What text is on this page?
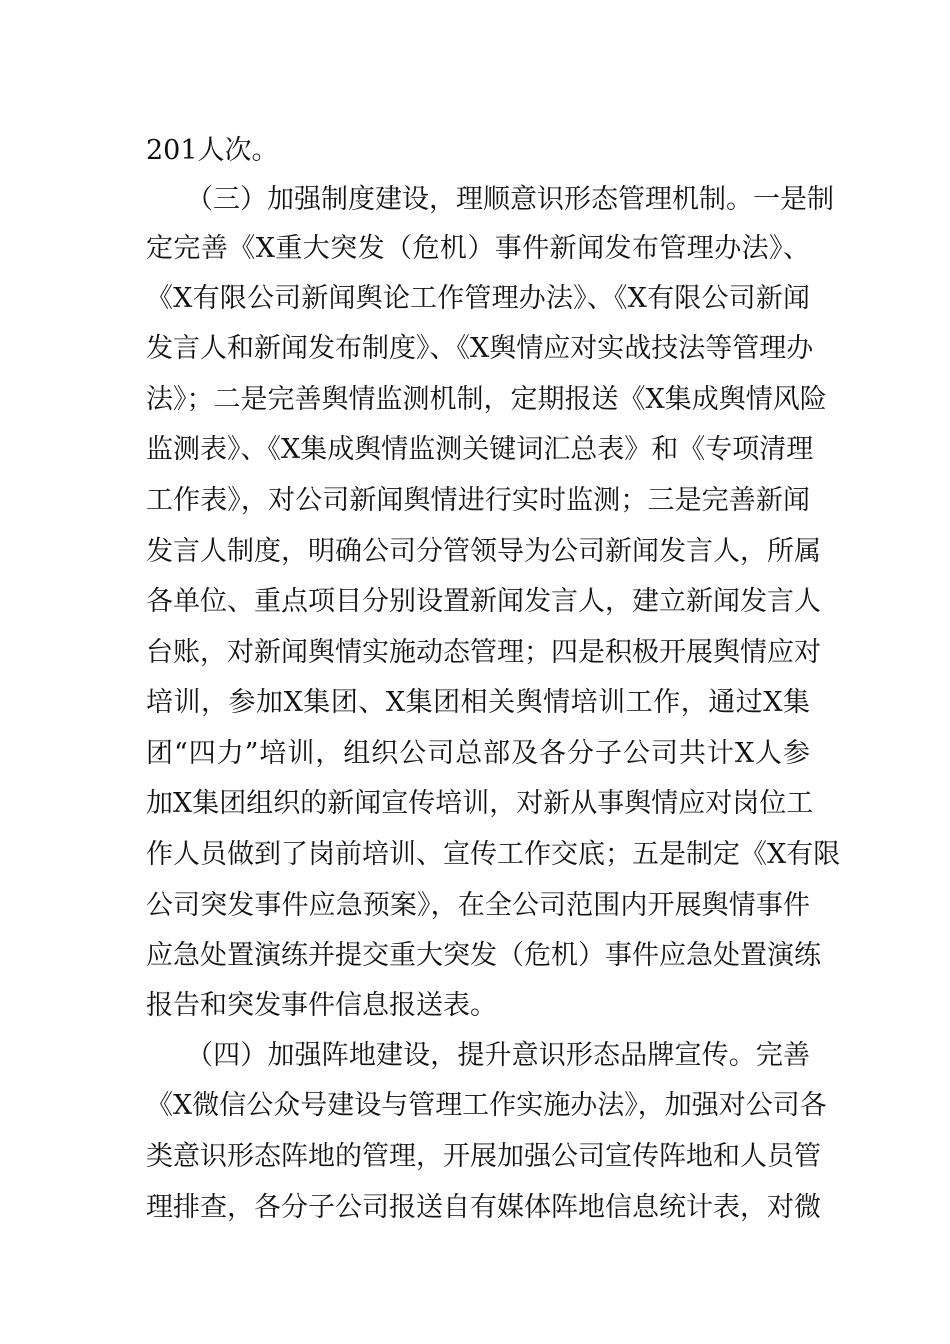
201人次。
（三）加强制度建设，理顺意识形态管理机制。一是制
定完善《X重大突发（危机）事件新闻发布管理办法》、
《X有限公司新闻舆论工作管理办法》、《X有限公司新闻
发言人和新闻发布制度》、《X舆情应对实战技法等管理办
法》；二是完善舆情监测机制，定期报送《X集成舆情风险
监测表》、《X集成舆情监测关键词汇总表》和《专项清理
工作表》，对公司新闻舆情进行实时监测；三是完善新闻
发言人制度，明确公司分管领导为公司新闻发言人，所属
各单位、重点项目分别设置新闻发言人，建立新闻发言人
台账，对新闻舆情实施动态管理；四是积极开展舆情应对
培训，参加X集团、X集团相关舆情培训工作，通过X集
团“四力”培训，组织公司总部及各分子公司共计X人参
加X集团组织的新闻宣传培训，对新从事舆情应对岗位工
作人员做到了岗前培训、宣传工作交底；五是制定《X有限
公司突发事件应急预案》，在全公司范围内开展舆情事件
应急处置演练并提交重大突发（危机）事件应急处置演练
报告和突发事件信息报送表。
（四）加强阵地建设，提升意识形态品牌宣传。完善
《X微信公众号建设与管理工作实施办法》，加强对公司各
类意识形态阵地的管理，开展加强公司宣传阵地和人员管
理排查，各分子公司报送自有媒体阵地信息统计表，对微
